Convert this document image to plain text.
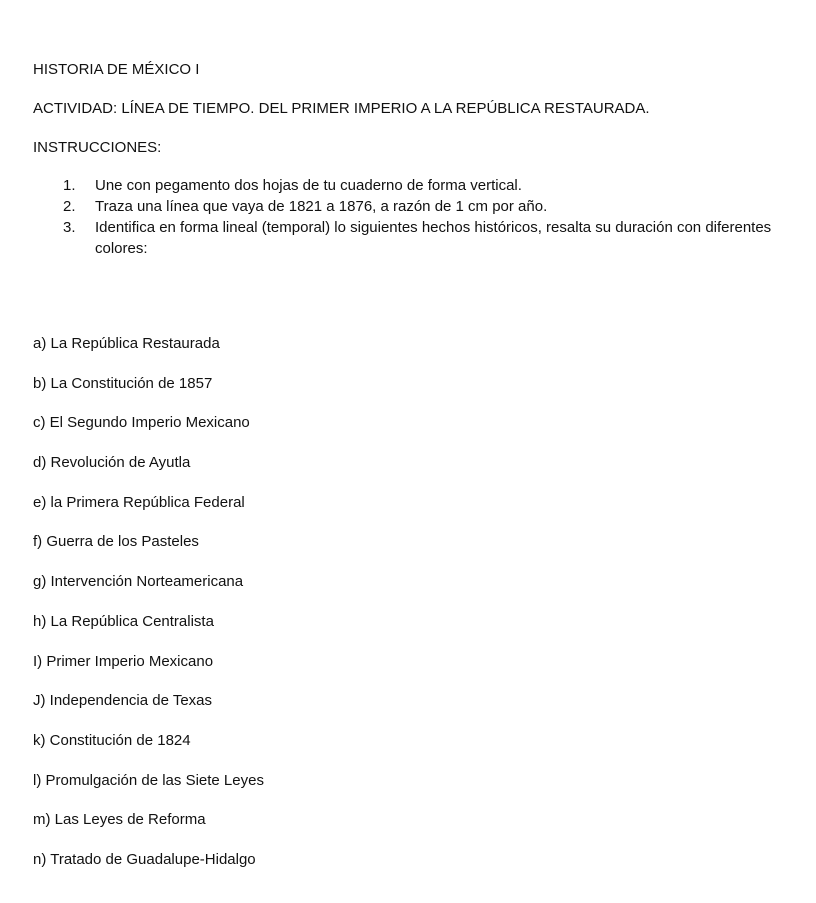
HISTORIA DE MÉXICO I

ACTIVIDAD: LÍNEA DE TIEMPO. DEL PRIMER IMPERIO A LA REPÚBLICA RESTAURADA.

INSTRUCCIONES:

1. Une con pegamento dos hojas de tu cuaderno de forma vertical.
2. Traza una línea que vaya de 1821 a 1876, a razón de 1 cm por año.
3. Identifica en forma lineal (temporal) lo siguientes hechos históricos, resalta su duración con diferentes colores:
a) La República Restaurada
b) La Constitución de 1857
c) El Segundo Imperio Mexicano
d) Revolución de Ayutla
e) la Primera República Federal
f) Guerra de los Pasteles
g) Intervención Norteamericana
h) La República Centralista
I) Primer Imperio Mexicano
J) Independencia de Texas
k) Constitución de 1824
l) Promulgación de las Siete Leyes
m) Las Leyes de Reforma
n) Tratado de Guadalupe-Hidalgo
